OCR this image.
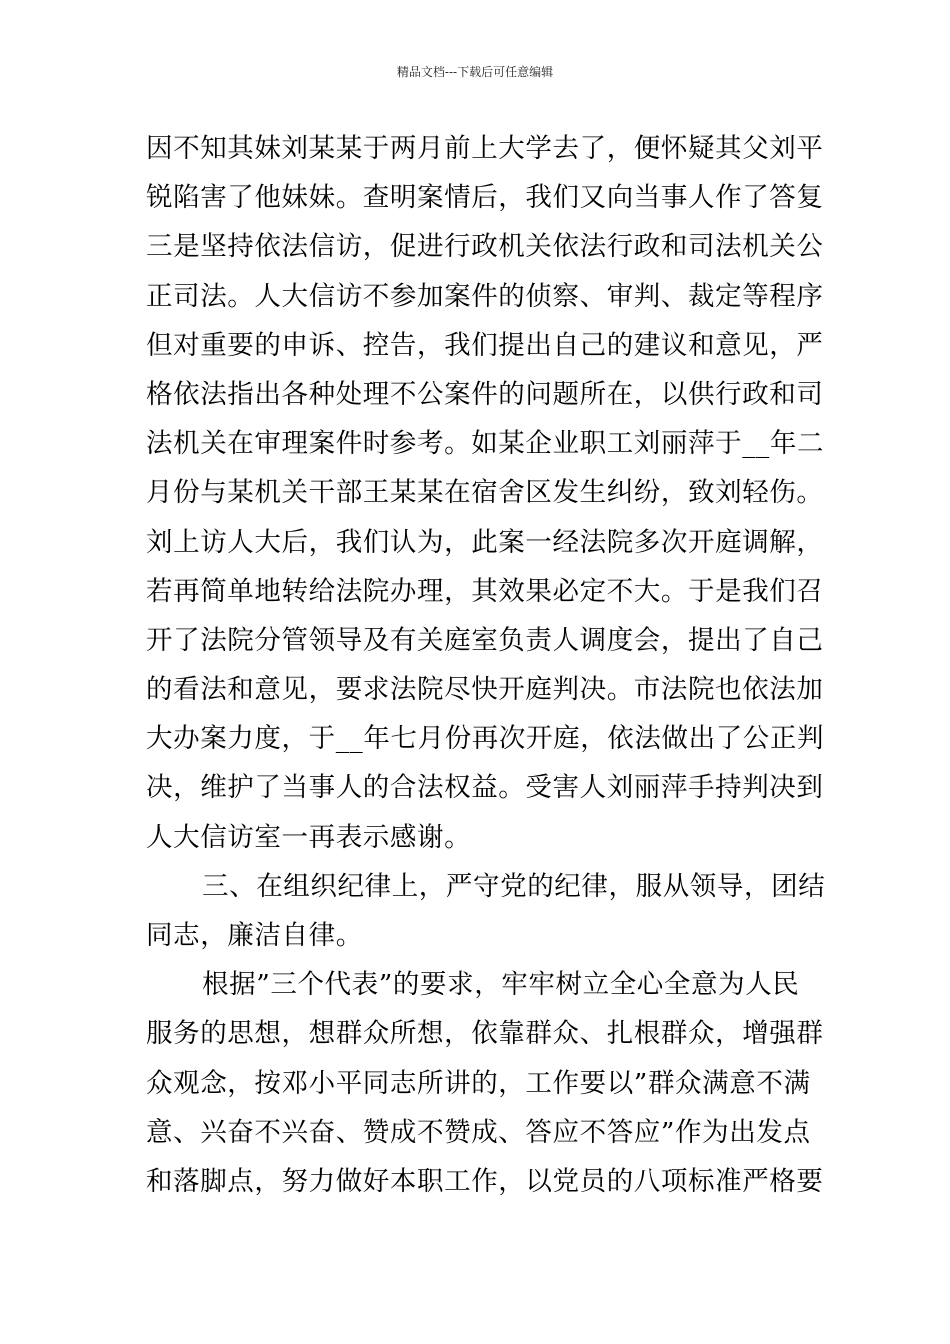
精品文档---下载后可任意编辑
因不知其妹刘某某于两月前上大学去了，便怀疑其父刘平
锐陷害了他妹妹。查明案情后，我们又向当事人作了答复
三是坚持依法信访，促进行政机关依法行政和司法机关公
正司法。人大信访不参加案件的侦察、审判、裁定等程序
但对重要的申诉、控告，我们提出自己的建议和意见，严
格依法指出各种处理不公案件的问题所在，以供行政和司
法机关在审理案件时参考。如某企业职工刘丽萍于__年二
月份与某机关干部王某某在宿舍区发生纠纷，致刘轻伤。
刘上访人大后，我们认为，此案一经法院多次开庭调解，
若再简单地转给法院办理，其效果必定不大。于是我们召
开了法院分管领导及有关庭室负责人调度会，提出了自己
的看法和意见，要求法院尽快开庭判决。市法院也依法加
大办案力度，于__年七月份再次开庭，依法做出了公正判
决，维护了当事人的合法权益。受害人刘丽萍手持判决到
人大信访室一再表示感谢。
三、在组织纪律上，严守党的纪律，服从领导，团结
同志，廉洁自律。
根据”三个代表”的要求，牢牢树立全心全意为人民
服务的思想，想群众所想，依靠群众、扎根群众，增强群
众观念，按邓小平同志所讲的，工作要以”群众满意不满
意、兴奋不兴奋、赞成不赞成、答应不答应”作为出发点
和落脚点，努力做好本职工作，以党员的八项标准严格要
